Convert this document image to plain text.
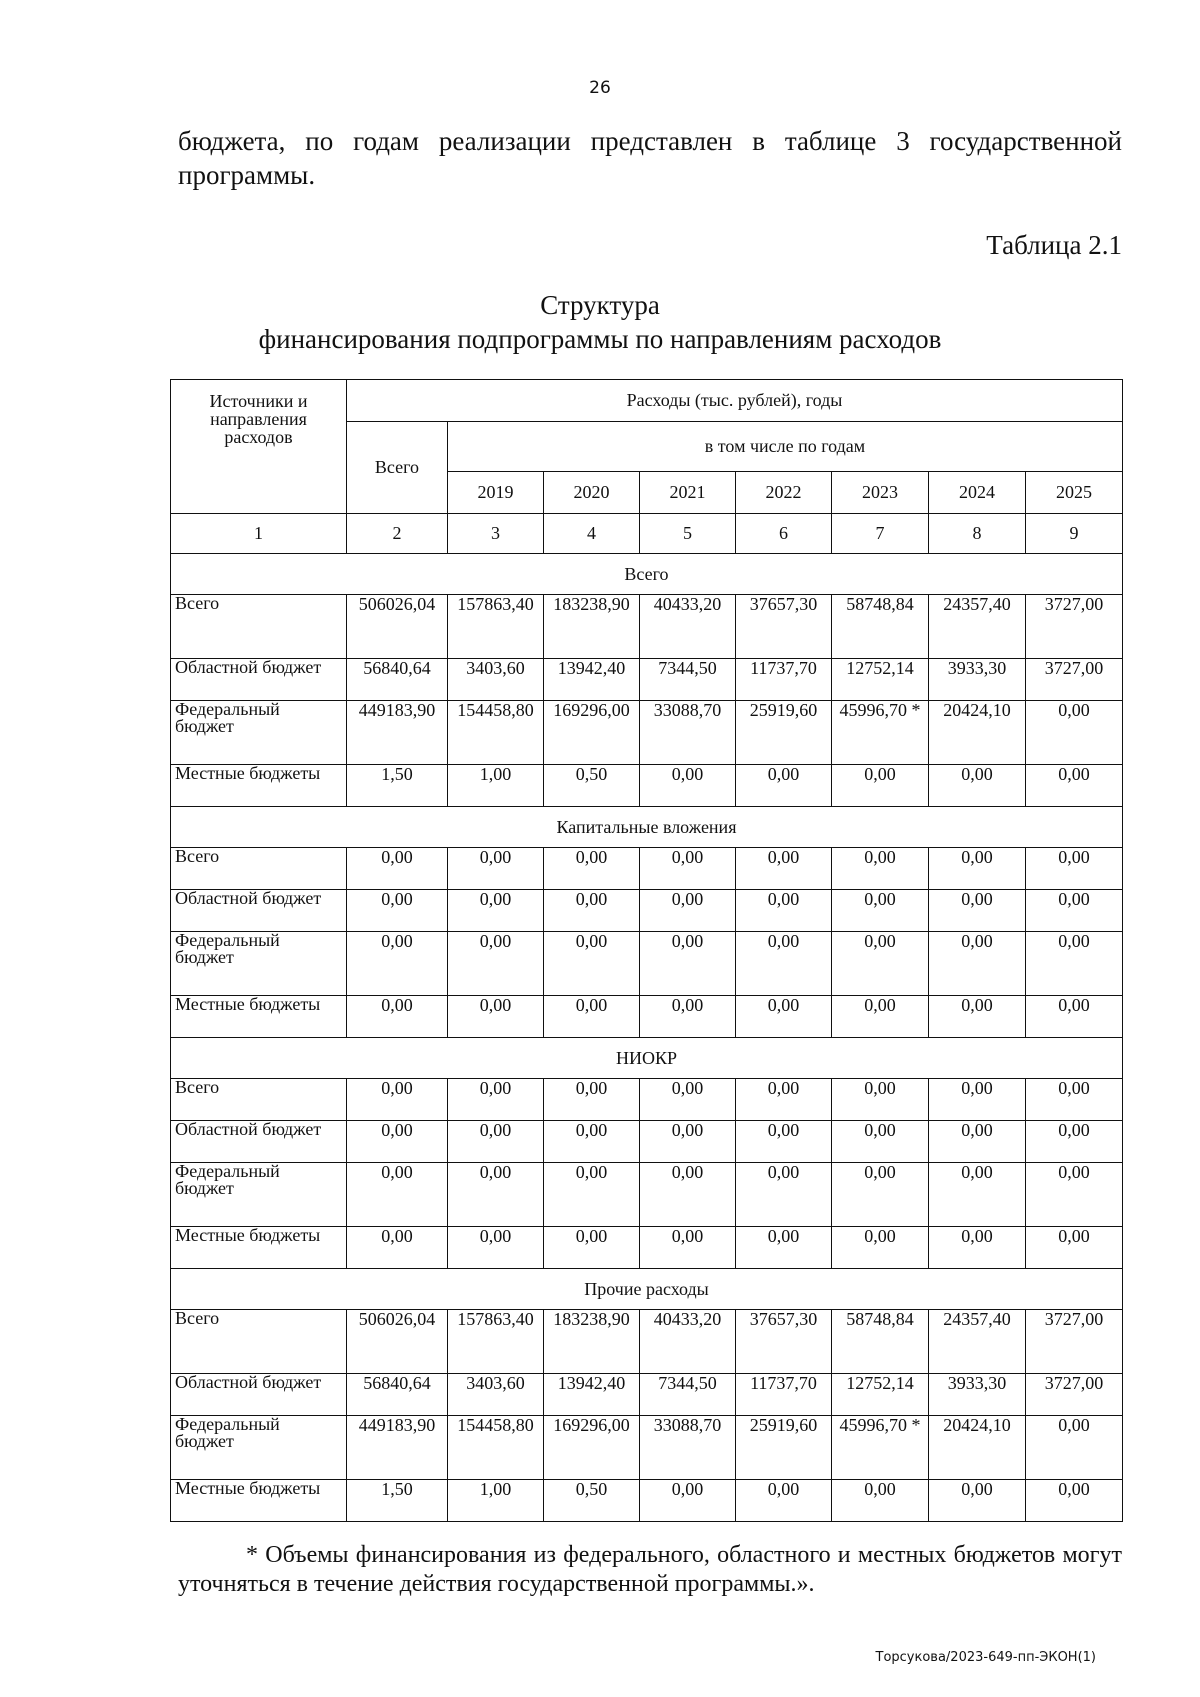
26

бюджета, по годам реализации представлен в таблице 3 государственной программы.

Таблица 2.1
Структура
финансирования подпрограммы по направлениям расходов
Источники и направления расходов	Расходы (тыс. рублей), годы							
	Всего	в том числе по годам						
		2019	2020	2021	2022	2023	2024	2025
1	2	3	4	5	6	7	8	9
Всего								
Всего	506026,04	157863,40	183238,90	40433,20	37657,30	58748,84	24357,40	3727,00
Областной бюджет	56840,64	3403,60	13942,40	7344,50	11737,70	12752,14	3933,30	3727,00
Федеральный бюджет	449183,90	154458,80	169296,00	33088,70	25919,60	45996,70 *	20424,10	0,00
Местные бюджеты	1,50	1,00	0,50	0,00	0,00	0,00	0,00	0,00
Капитальные вложения								
Всего	0,00	0,00	0,00	0,00	0,00	0,00	0,00	0,00
Областной бюджет	0,00	0,00	0,00	0,00	0,00	0,00	0,00	0,00
Федеральный бюджет	0,00	0,00	0,00	0,00	0,00	0,00	0,00	0,00
Местные бюджеты	0,00	0,00	0,00	0,00	0,00	0,00	0,00	0,00
НИОКР								
Всего	0,00	0,00	0,00	0,00	0,00	0,00	0,00	0,00
Областной бюджет	0,00	0,00	0,00	0,00	0,00	0,00	0,00	0,00
Федеральный бюджет	0,00	0,00	0,00	0,00	0,00	0,00	0,00	0,00
Местные бюджеты	0,00	0,00	0,00	0,00	0,00	0,00	0,00	0,00
Прочие расходы								
Всего	506026,04	157863,40	183238,90	40433,20	37657,30	58748,84	24357,40	3727,00
Областной бюджет	56840,64	3403,60	13942,40	7344,50	11737,70	12752,14	3933,30	3727,00
Федеральный бюджет	449183,90	154458,80	169296,00	33088,70	25919,60	45996,70 *	20424,10	0,00
Местные бюджеты	1,50	1,00	0,50	0,00	0,00	0,00	0,00	0,00

* Объемы финансирования из федерального, областного и местных бюджетов могут уточняться в течение действия государственной программы.».

Торсукова/2023-649-пп-ЭКОН(1)
